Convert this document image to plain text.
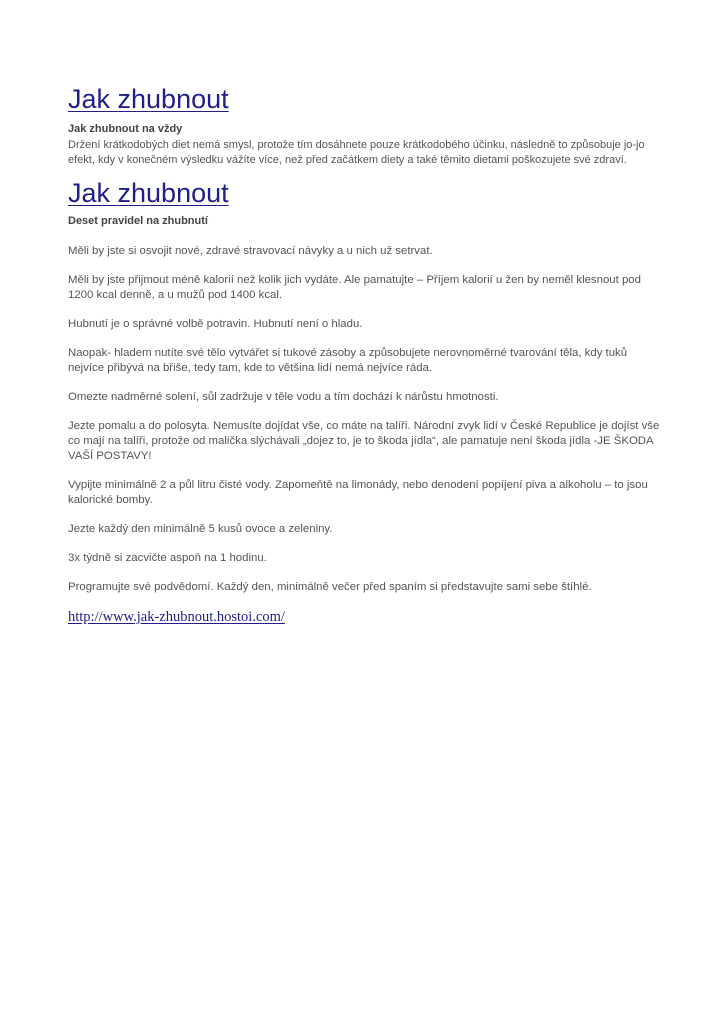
Jak zhubnout

Jak zhubnout na vždy

Držení krátkodobých diet nemá smysl, protože tím dosáhnete pouze krátkodobého účinku, následně to způsobuje jo-jo efekt, kdy v konečném výsledku vážíte více, než před začátkem diety a také těmito dietami poškozujete své zdraví.

Jak zhubnout

Deset pravidel na zhubnutí

Měli by jste si osvojit nové, zdravé stravovací návyky a u nich už setrvat.

Měli by jste přijmout méně kalorií než kolik jich vydáte. Ale pamatujte – Příjem kalorií u žen by neměl klesnout pod 1200 kcal denně, a u mužů pod 1400 kcal.

Hubnutí je o správné volbě potravin. Hubnutí není o hladu.

Naopak- hladem nutíte své tělo vytvářet si tukové zásoby a způsobujete nerovnoměrné tvarování těla, kdy tuků nejvíce přibývá na břiše, tedy tam, kde to většina lidí nemá nejvíce ráda.

Omezte nadměrné solení, sůl zadržuje v těle vodu a tím dochází k nárůstu hmotnosti.

Jezte pomalu a do polosyta. Nemusíte dojídat vše, co máte na talíři. Národní zvyk lidí v České Republice je dojíst vše co mají na talíři, protože od malička slýchávali „dojez to, je to škoda jídla“, ale pamatuje není škoda jídla -JE ŠKODA VAŠÍ POSTAVY!

Vypijte minimálně 2 a půl litru čisté vody. Zapomeňtě na limonády, nebo denodení popíjení piva a alkoholu – to jsou kalorické bomby.

Jezte každý den minimálně 5 kusů ovoce a zeleniny.

3x týdně si zacvičte aspoň na 1 hodinu.

Programujte své podvědomí. Každý den, minimálně večer před spaním si představujte sami sebe štíhlé.

http://www.jak-zhubnout.hostoi.com/
